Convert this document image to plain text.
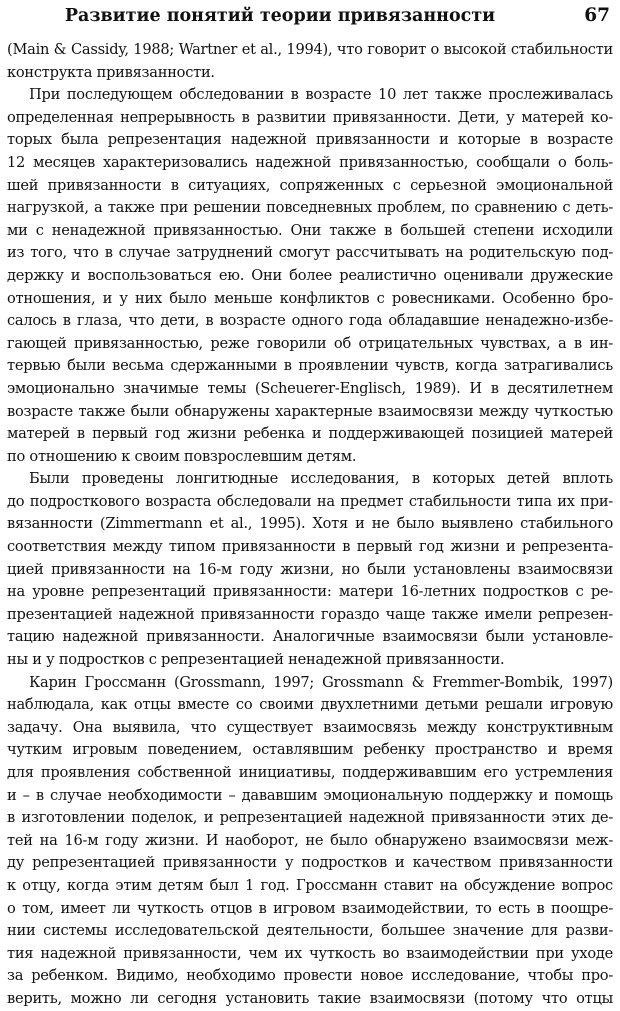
Развитие понятий теории привязанности	67
(Main & Cassidy, 1988; Wartner et al., 1994), что говорит о высокой стабильности
конструкта привязанности.
При последующем обследовании в возрасте 10 лет также прослеживалась
определенная непрерывность в развитии привязанности. Дети, у матерей ко-
торых была репрезентация надежной привязанности и которые в возрасте
12 месяцев характеризовались надежной привязанностью, сообщали о боль-
шей привязанности в ситуациях, сопряженных с серьезной эмоциональной
нагрузкой, а также при решении повседневных проблем, по сравнению с деть-
ми с ненадежной привязанностью. Они также в большей степени исходили
из того, что в случае затруднений смогут рассчитывать на родительскую под-
держку и воспользоваться ею. Они более реалистично оценивали дружеские
отношения, и у них было меньше конфликтов с ровесниками. Особенно бро-
салось в глаза, что дети, в возрасте одного года обладавшие ненадежно-избе-
гающей привязанностью, реже говорили об отрицательных чувствах, а в ин-
тервью были весьма сдержанными в проявлении чувств, когда затрагивались
эмоционально значимые темы (Scheuerer-Englisch, 1989). И в десятилетнем
возрасте также были обнаружены характерные взаимосвязи между чуткостью
матерей в первый год жизни ребенка и поддерживающей позицией матерей
по отношению к своим повзрослевшим детям.
Были проведены лонгитюдные исследования, в которых детей вплоть
до подросткового возраста обследовали на предмет стабильности типа их при-
вязанности (Zimmermann et al., 1995). Хотя и не было выявлено стабильного
соответствия между типом привязанности в первый год жизни и репрезента-
цией привязанности на 16-м году жизни, но были установлены взаимосвязи
на уровне репрезентаций привязанности: матери 16-летних подростков с ре-
презентацией надежной привязанности гораздо чаще также имели репрезен-
тацию надежной привязанности. Аналогичные взаимосвязи были установле-
ны и у подростков с репрезентацией ненадежной привязанности.
Карин Гроссманн (Grossmann, 1997; Grossmann & Fremmer-Bombik, 1997)
наблюдала, как отцы вместе со своими двухлетними детьми решали игровую
задачу. Она выявила, что существует взаимосвязь между конструктивным
чутким игровым поведением, оставлявшим ребенку пространство и время
для проявления собственной инициативы, поддерживавшим его устремления
и – в случае необходимости – дававшим эмоциональную поддержку и помощь
в изготовлении поделок, и репрезентацией надежной привязанности этих де-
тей на 16-м году жизни. И наоборот, не было обнаружено взаимосвязи меж-
ду репрезентацией привязанности у подростков и качеством привязанности
к отцу, когда этим детям был 1 год. Гроссманн ставит на обсуждение вопрос
о том, имеет ли чуткость отцов в игровом взаимодействии, то есть в поощре-
нии системы исследовательской деятельности, большее значение для разви-
тия надежной привязанности, чем их чуткость во взаимодействии при уходе
за ребенком. Видимо, необходимо провести новое исследование, чтобы про-
верить, можно ли сегодня установить такие взаимосвязи (потому что отцы
